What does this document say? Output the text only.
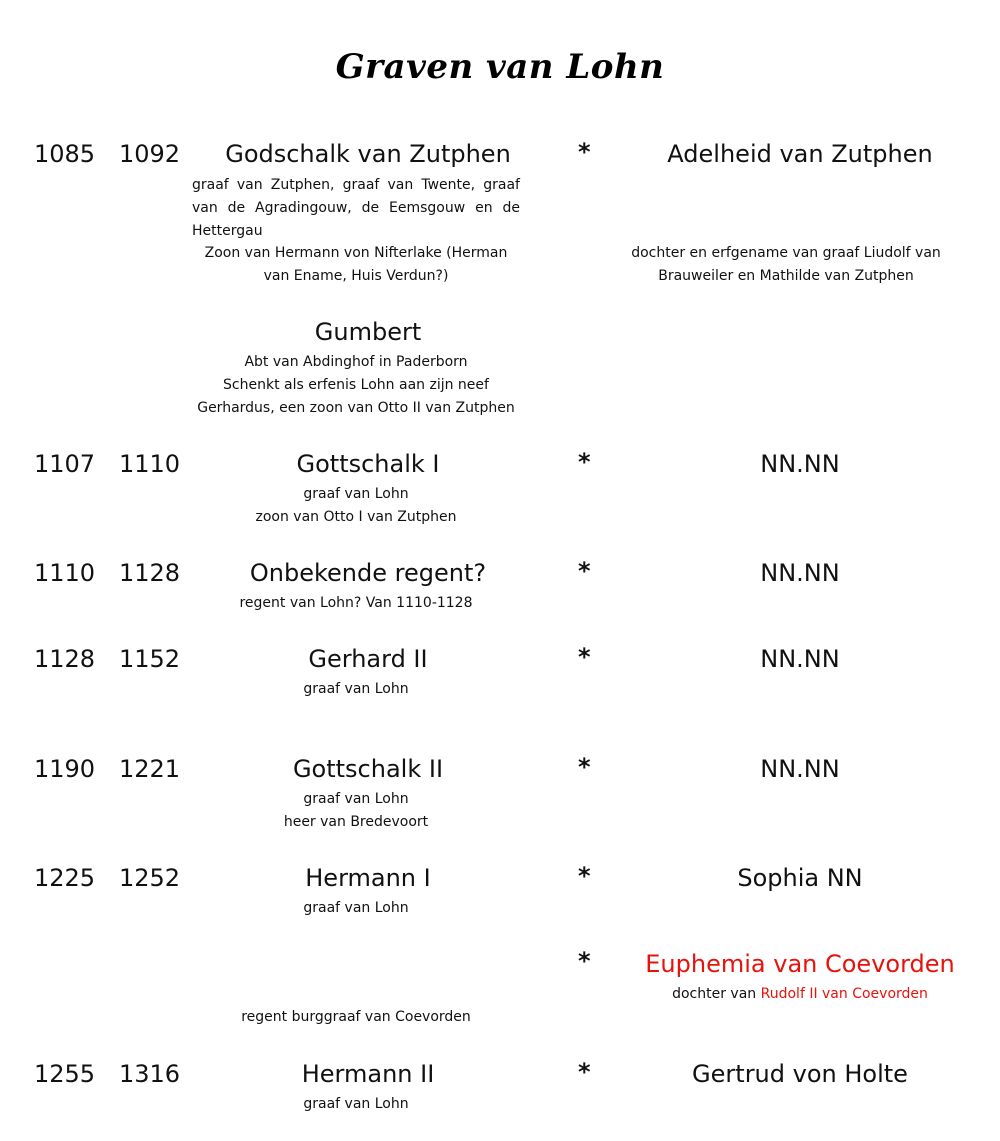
Graven van Lohn
1085 1092	Godschalk van Zutphen
graaf van Zutphen, graaf van Twente, graaf van de Agradingouw, de Eemsgouw en de Hettergau
Zoon van Hermann von Nifterlake (Herman van Ename, Huis Verdun?)
*	Adelheid van Zutphen
dochter en erfgename van graaf Liudolf van Brauweiler en Mathilde van Zutphen
Gumbert
Abt van Abdinghof in Paderborn
Schenkt als erfenis Lohn aan zijn neef Gerhardus, een zoon van Otto II van Zutphen
1107 1110	Gottschalk I
graaf van Lohn
zoon van Otto I van Zutphen
*	NN.NN
1110 1128	Onbekende regent?
regent van Lohn? Van 1110-1128
*	NN.NN
1128 1152	Gerhard II
graaf van Lohn
*	NN.NN
1190 1221	Gottschalk II
graaf van Lohn
heer van Bredevoort
*	NN.NN
1225 1252	Hermann I
graaf van Lohn
*	Sophia NN
*	Euphemia van Coevorden
dochter van Rudolf II van Coevorden
regent burggraaf van Coevorden
1255 1316	Hermann II
graaf van Lohn
*	Gertrud von Holte
